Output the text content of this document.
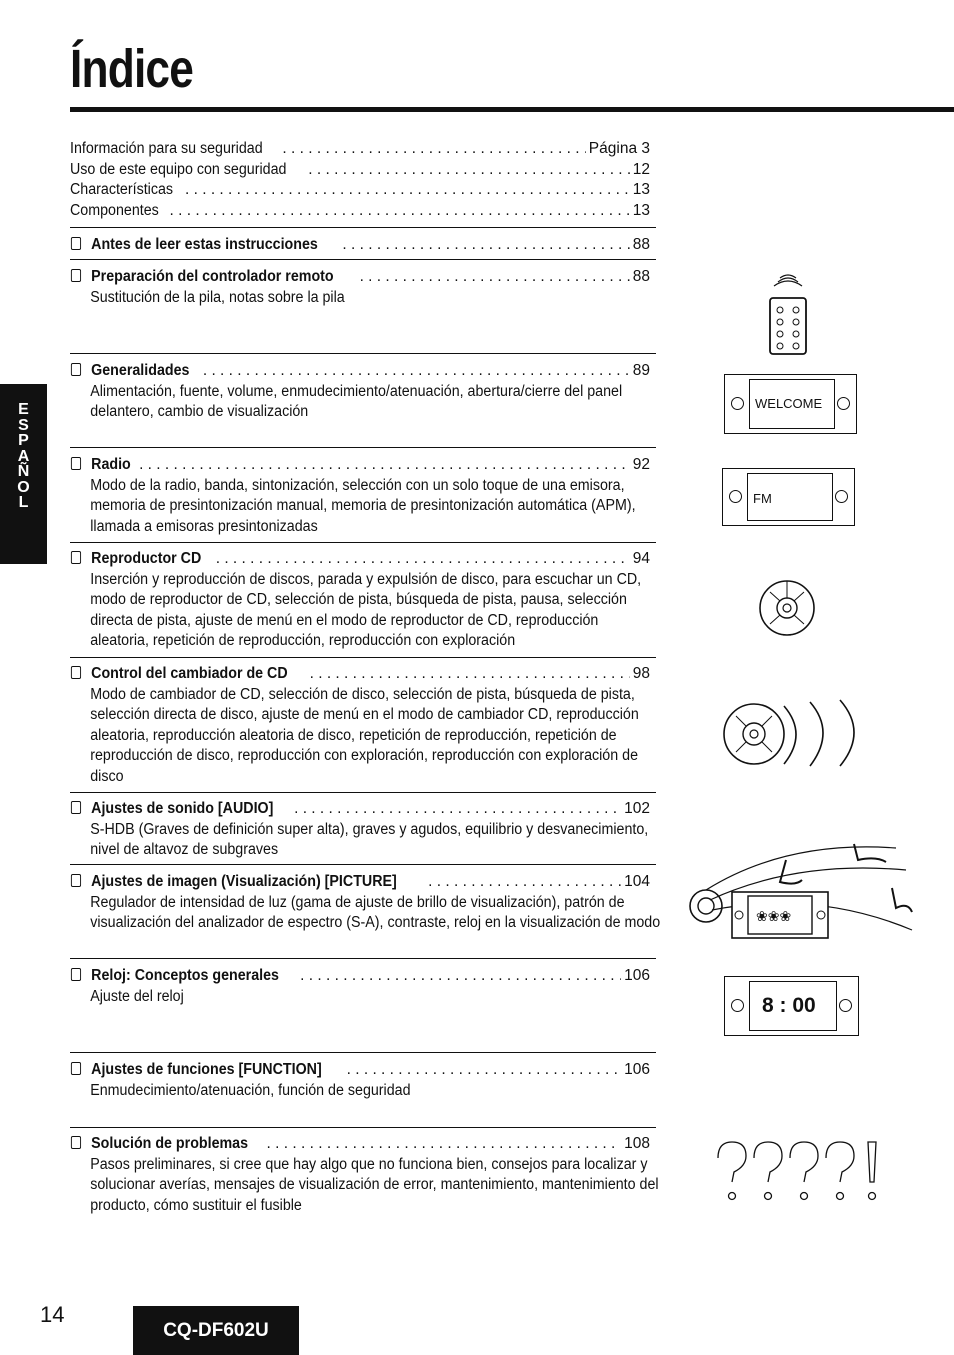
Índice
E
S
P
A
Ñ
O
L
Información para su seguridad . . .	Página 3
Uso de este equipo con seguridad . . .	12
Characterísticas . . .	13
Componentes . . .	13
Antes de leer estas instrucciones . . .	88
Preparación del controlador remoto . . .	88
Sustitución de la pila, notas sobre la pila
Generalidades . . .	89
Alimentación, fuente, volume, enmudecimiento/atenuación, abertura/cierre del panel delantero, cambio de visualización
Radio . . .	92
Modo de la radio, banda, sintonización, selección con un solo toque de una emisora, memoria de presintonización manual, memoria de presintonización automática (APM), llamada a emisoras presintonizadas
Reproductor CD . . .	94
Inserción y reproducción de discos, parada y expulsión de disco, para escuchar un CD, modo de reproductor de CD, selección de pista, búsqueda de pista, pausa, selección directa de pista, ajuste de menú en el modo de reproductor de CD, reproducción aleatoria, repetición de reproducción, reproducción con exploración
Control del cambiador de CD . . .	98
Modo de cambiador de CD, selección de disco, selección de pista, búsqueda de pista, selección directa de disco, ajuste de menú en el modo de cambiador CD, reproducción aleatoria, reproducción aleatoria de disco, repetición de reproducción, repetición de reproducción de disco, reproducción con exploración, reproducción con exploración de disco
Ajustes de sonido [AUDIO] . . .	102
S-HDB (Graves de definición super alta), graves y agudos, equilibrio y desvanecimiento, nivel de altavoz de subgraves
Ajustes de imagen (Visualización) [PICTURE] . . .	104
Regulador de intensidad de luz (gama de ajuste de brillo de visualización), patrón de visualización del analizador de espectro (S-A), contraste, reloj en la visualización de modo
Reloj: Conceptos generales . . .	106
Ajuste del reloj
Ajustes de funciones [FUNCTION] . . .	106
Enmudecimiento/atenuación, función de seguridad
Solución de problemas . . .	108
Pasos preliminares, si cree que hay algo que no funciona bien, consejos para localizar y solucionar averías, mensajes de visualización de error, mantenimiento, mantenimiento del producto, cómo sustituir el fusible
WELCOME
FM
❀❀❀
8 : 00
14
CQ-DF602U
